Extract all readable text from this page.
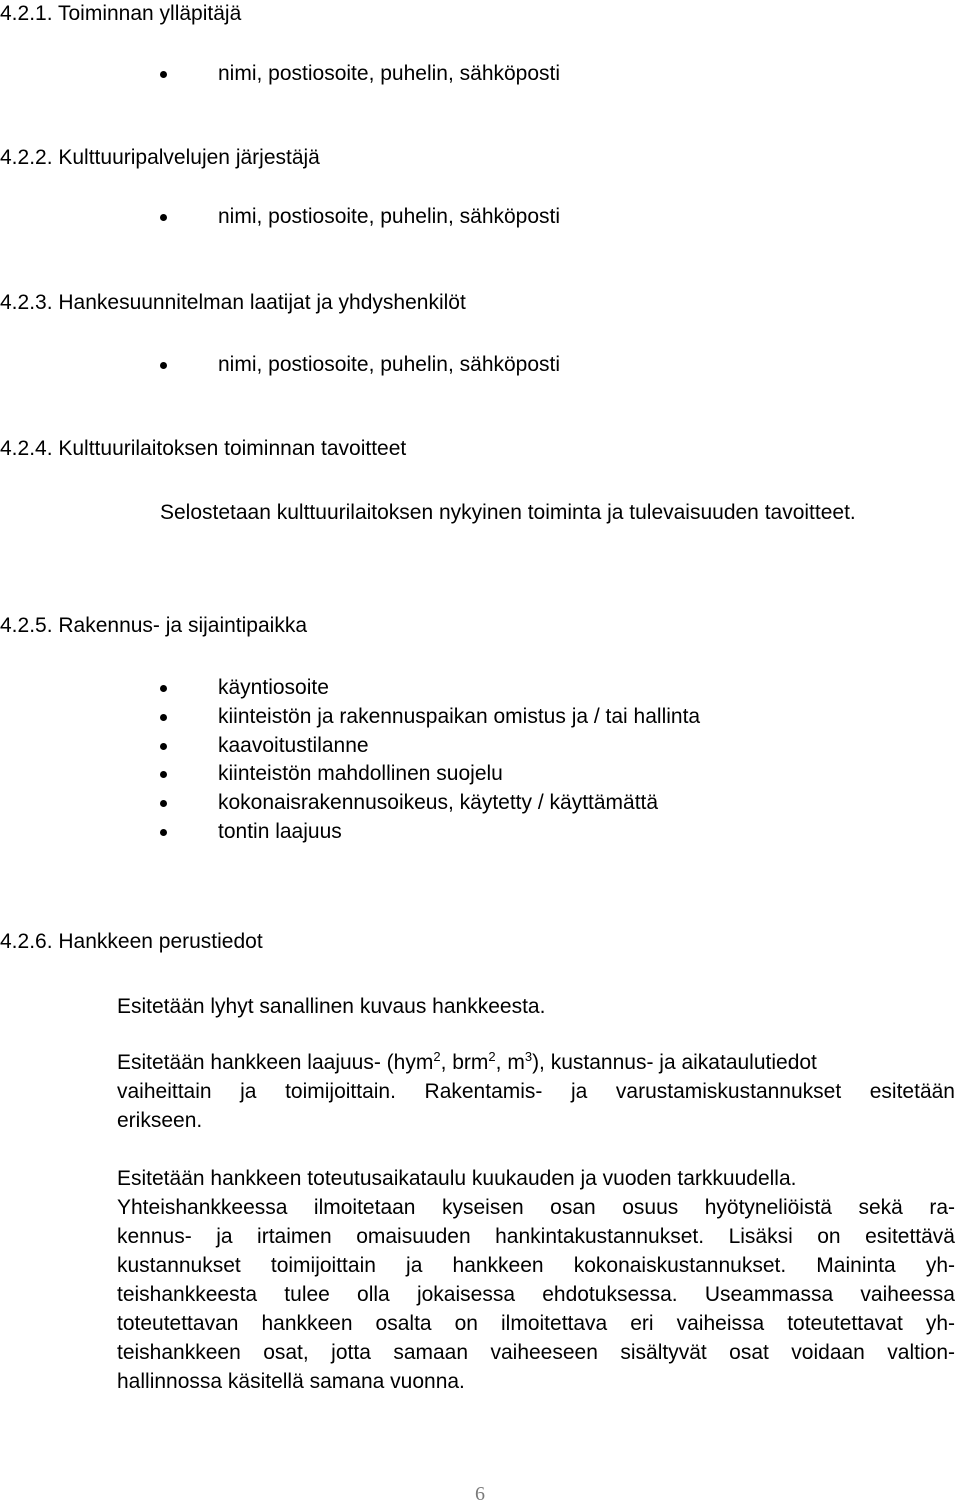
4.2.1. Toiminnan ylläpitäjä
nimi, postiosoite, puhelin, sähköposti
4.2.2. Kulttuuripalvelujen järjestäjä
nimi, postiosoite, puhelin, sähköposti
4.2.3. Hankesuunnitelman laatijat ja yhdyshenkilöt
nimi, postiosoite, puhelin, sähköposti
4.2.4. Kulttuurilaitoksen toiminnan tavoitteet

Selostetaan kulttuurilaitoksen nykyinen toiminta ja tulevaisuuden tavoitteet.

4.2.5. Rakennus- ja sijaintipaikka
käyntiosoite
kiinteistön ja rakennuspaikan omistus ja / tai hallinta
kaavoitustilanne
kiinteistön mahdollinen suojelu
kokonaisrakennusoikeus, käytetty / käyttämättä
tontin laajuus
4.2.6. Hankkeen perustiedot

Esitetään lyhyt sanallinen kuvaus hankkeesta.

Esitetään hankkeen laajuus- (hym$^2$, brm$^2$, $m^3$), kustannus- ja aikataulutiedot
vaiheittain ja toimijoittain. Rakentamis- ja varustamiskustannukset esitetään
erikseen.
Esitetään hankkeen toteutusaikataulu kuukauden ja vuoden tarkkuudella.
Yhteishankkeessa ilmoitetaan kyseisen osan osuus hyötyneliöistä sekä ra-
kennus- ja irtaimen omaisuuden hankintakustannukset. Lisäksi on esitettävä
kustannukset toimijoittain ja hankkeen kokonaiskustannukset. Maininta yh-
teishankkeesta tulee olla jokaisessa ehdotuksessa. Useammassa vaiheessa
toteutettavan hankkeen osalta on ilmoitettava eri vaiheissa toteutettavat yh-
teishankkeen osat, jotta samaan vaiheeseen sisältyvät osat voidaan valtion-
hallinnossa käsitellä samana vuonna.
6
